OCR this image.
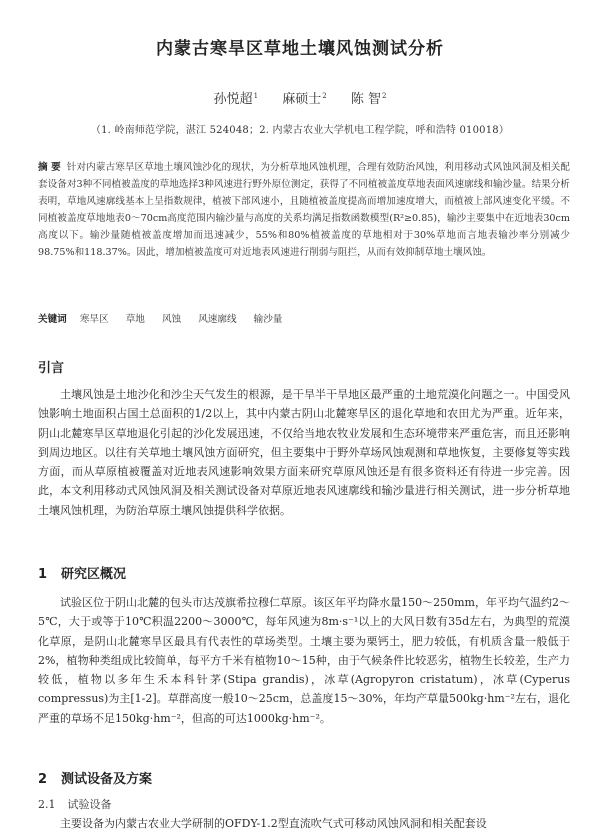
内蒙古寒旱区草地土壤风蚀测试分析
孙悦超$^1$ 麻硕士$^2$ 陈 智$^2$
（1. 岭南师范学院，湛江 524048；2. 内蒙古农业大学机电工程学院，呼和浩特 010018）
摘 要 针对内蒙古寒旱区草地土壤风蚀沙化的现状，为分析草地风蚀机理，合理有效防治风蚀，利用移动式风蚀风洞及相关配套设备对3种不同植被盖度的草地选择3种风速进行野外原位测定，获得了不同植被盖度草地表面风速廓线和输沙量。结果分析表明，草地风速廓线基本上呈指数规律，植被下部风速小，且随植被盖度提高而增加速度增大，而植被上部风速变化平缓。不同植被盖度草地地表0～70cm高度范围内输沙量与高度的关系均满足指数函数模型(R²≥0.85)，输沙主要集中在近地表30cm高度以下。输沙量随植被盖度增加而迅速减少，55%和80%植被盖度的草地相对于30%草地而言地表输沙率分别减少98.75%和118.37%。因此，增加植被盖度可对近地表风速进行削弱与阻拦，从而有效抑制草地土壤风蚀。
关键词 寒旱区 草地 风蚀 风速廓线 输沙量
引言
土壤风蚀是土地沙化和沙尘天气发生的根源，是干旱半干旱地区最严重的土地荒漠化问题之一。中国受风蚀影响土地面积占国土总面积的1/2以上，其中内蒙古阴山北麓寒旱区的退化草地和农田尤为严重。近年来，阴山北麓寒旱区草地退化引起的沙化发展迅速，不仅给当地农牧业发展和生态环境带来严重危害，而且还影响到周边地区。以往有关草地土壤风蚀方面研究，但主要集中于野外草场风蚀观测和草地恢复，主要修复等实践方面，而从草原植被覆盖对近地表风速影响效果方面来研究草原风蚀还是有很多资料还有待进一步完善。因此，本文利用移动式风蚀风洞及相关测试设备对草原近地表风速廓线和输沙量进行相关测试，进一步分析草地土壤风蚀机理，为防治草原土壤风蚀提供科学依据。
1 研究区概况
试验区位于阴山北麓的包头市达茂旗希拉穆仁草原。该区年平均降水量150～250mm，年平均气温约2～5℃，大于或等于10℃积温2200～3000℃，每年风速为8m·s⁻¹以上的大风日数有35d左右，为典型的荒漠化草原，是阴山北麓寒旱区最具有代表性的草场类型。土壤主要为栗钙土，肥力较低，有机质含量一般低于2%，植物种类组成比较简单，每平方千米有植物10～15种，由于气候条件比较恶劣，植物生长较差，生产力较低，植物以多年生禾本科针茅(Stipa grandis)，冰草(Agropyron cristatum)，冰草(Cyperus compressus)为主[1-2]。草群高度一般10～25cm，总盖度15～30%，年均产草量500kg·hm⁻²左右，退化严重的草场不足150kg·hm⁻²，但高的可达1000kg·hm⁻²。
2 测试设备及方案
2.1 试验设备
主要设备为内蒙古农业大学研制的OFDY-1.2型直流吹气式可移动风蚀风洞和相关配套设
